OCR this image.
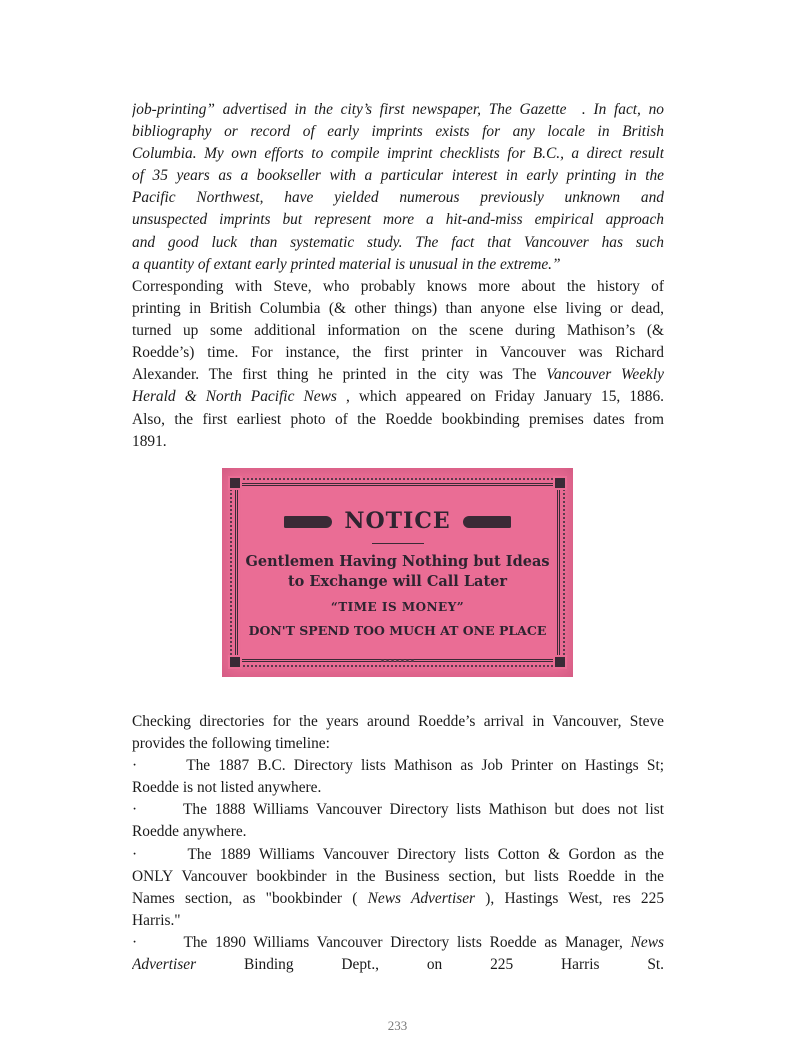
job-printing” advertised in the city’s first newspaper, The Gazette  . In fact, no
bibliography or record of early imprints exists for any locale in British
Columbia. My own efforts to compile imprint checklists for B.C., a direct result
of 35 years as a bookseller with a particular interest in early printing in the
Pacific Northwest, have yielded numerous previously unknown and
unsuspected imprints but represent more a hit-and-miss empirical approach
and good luck than systematic study. The fact that Vancouver has such
a quantity of extant early printed material is unusual in the extreme.”
Corresponding with Steve, who probably knows more about the history of
printing in British Columbia (& other things) than anyone else living or dead,
turned up some additional information on the scene during Mathison’s (&
Roedde’s) time. For instance, the first printer in Vancouver was Richard
Alexander. The first thing he printed in the city was The Vancouver Weekly
Herald & North Pacific News , which appeared on Friday January 15, 1886.
Also, the first earliest photo of the Roedde bookbinding premises dates from
1891.
NOTICE
Gentlemen Having Nothing but Ideas
to Exchange will Call Later
“TIME IS MONEY”
DON'T SPEND TOO MUCH AT ONE PLACE
▪ ▪ ▪ ▪ ▪ ▪ ▪
Checking directories for the years around Roedde’s arrival in Vancouver, Steve
provides the following timeline:
·      The 1887 B.C. Directory lists Mathison as Job Printer on Hastings St;
Roedde is not listed anywhere.
·      The 1888 Williams Vancouver Directory lists Mathison but does not list
Roedde anywhere.
·      The 1889 Williams Vancouver Directory lists Cotton & Gordon as the
ONLY Vancouver bookbinder in the Business section, but lists Roedde in the
Names section, as "bookbinder ( News Advertiser ), Hastings West, res 225
Harris."
·      The 1890 Williams Vancouver Directory lists Roedde as Manager, News
Advertiser Binding Dept., on 225 Harris St.
233
